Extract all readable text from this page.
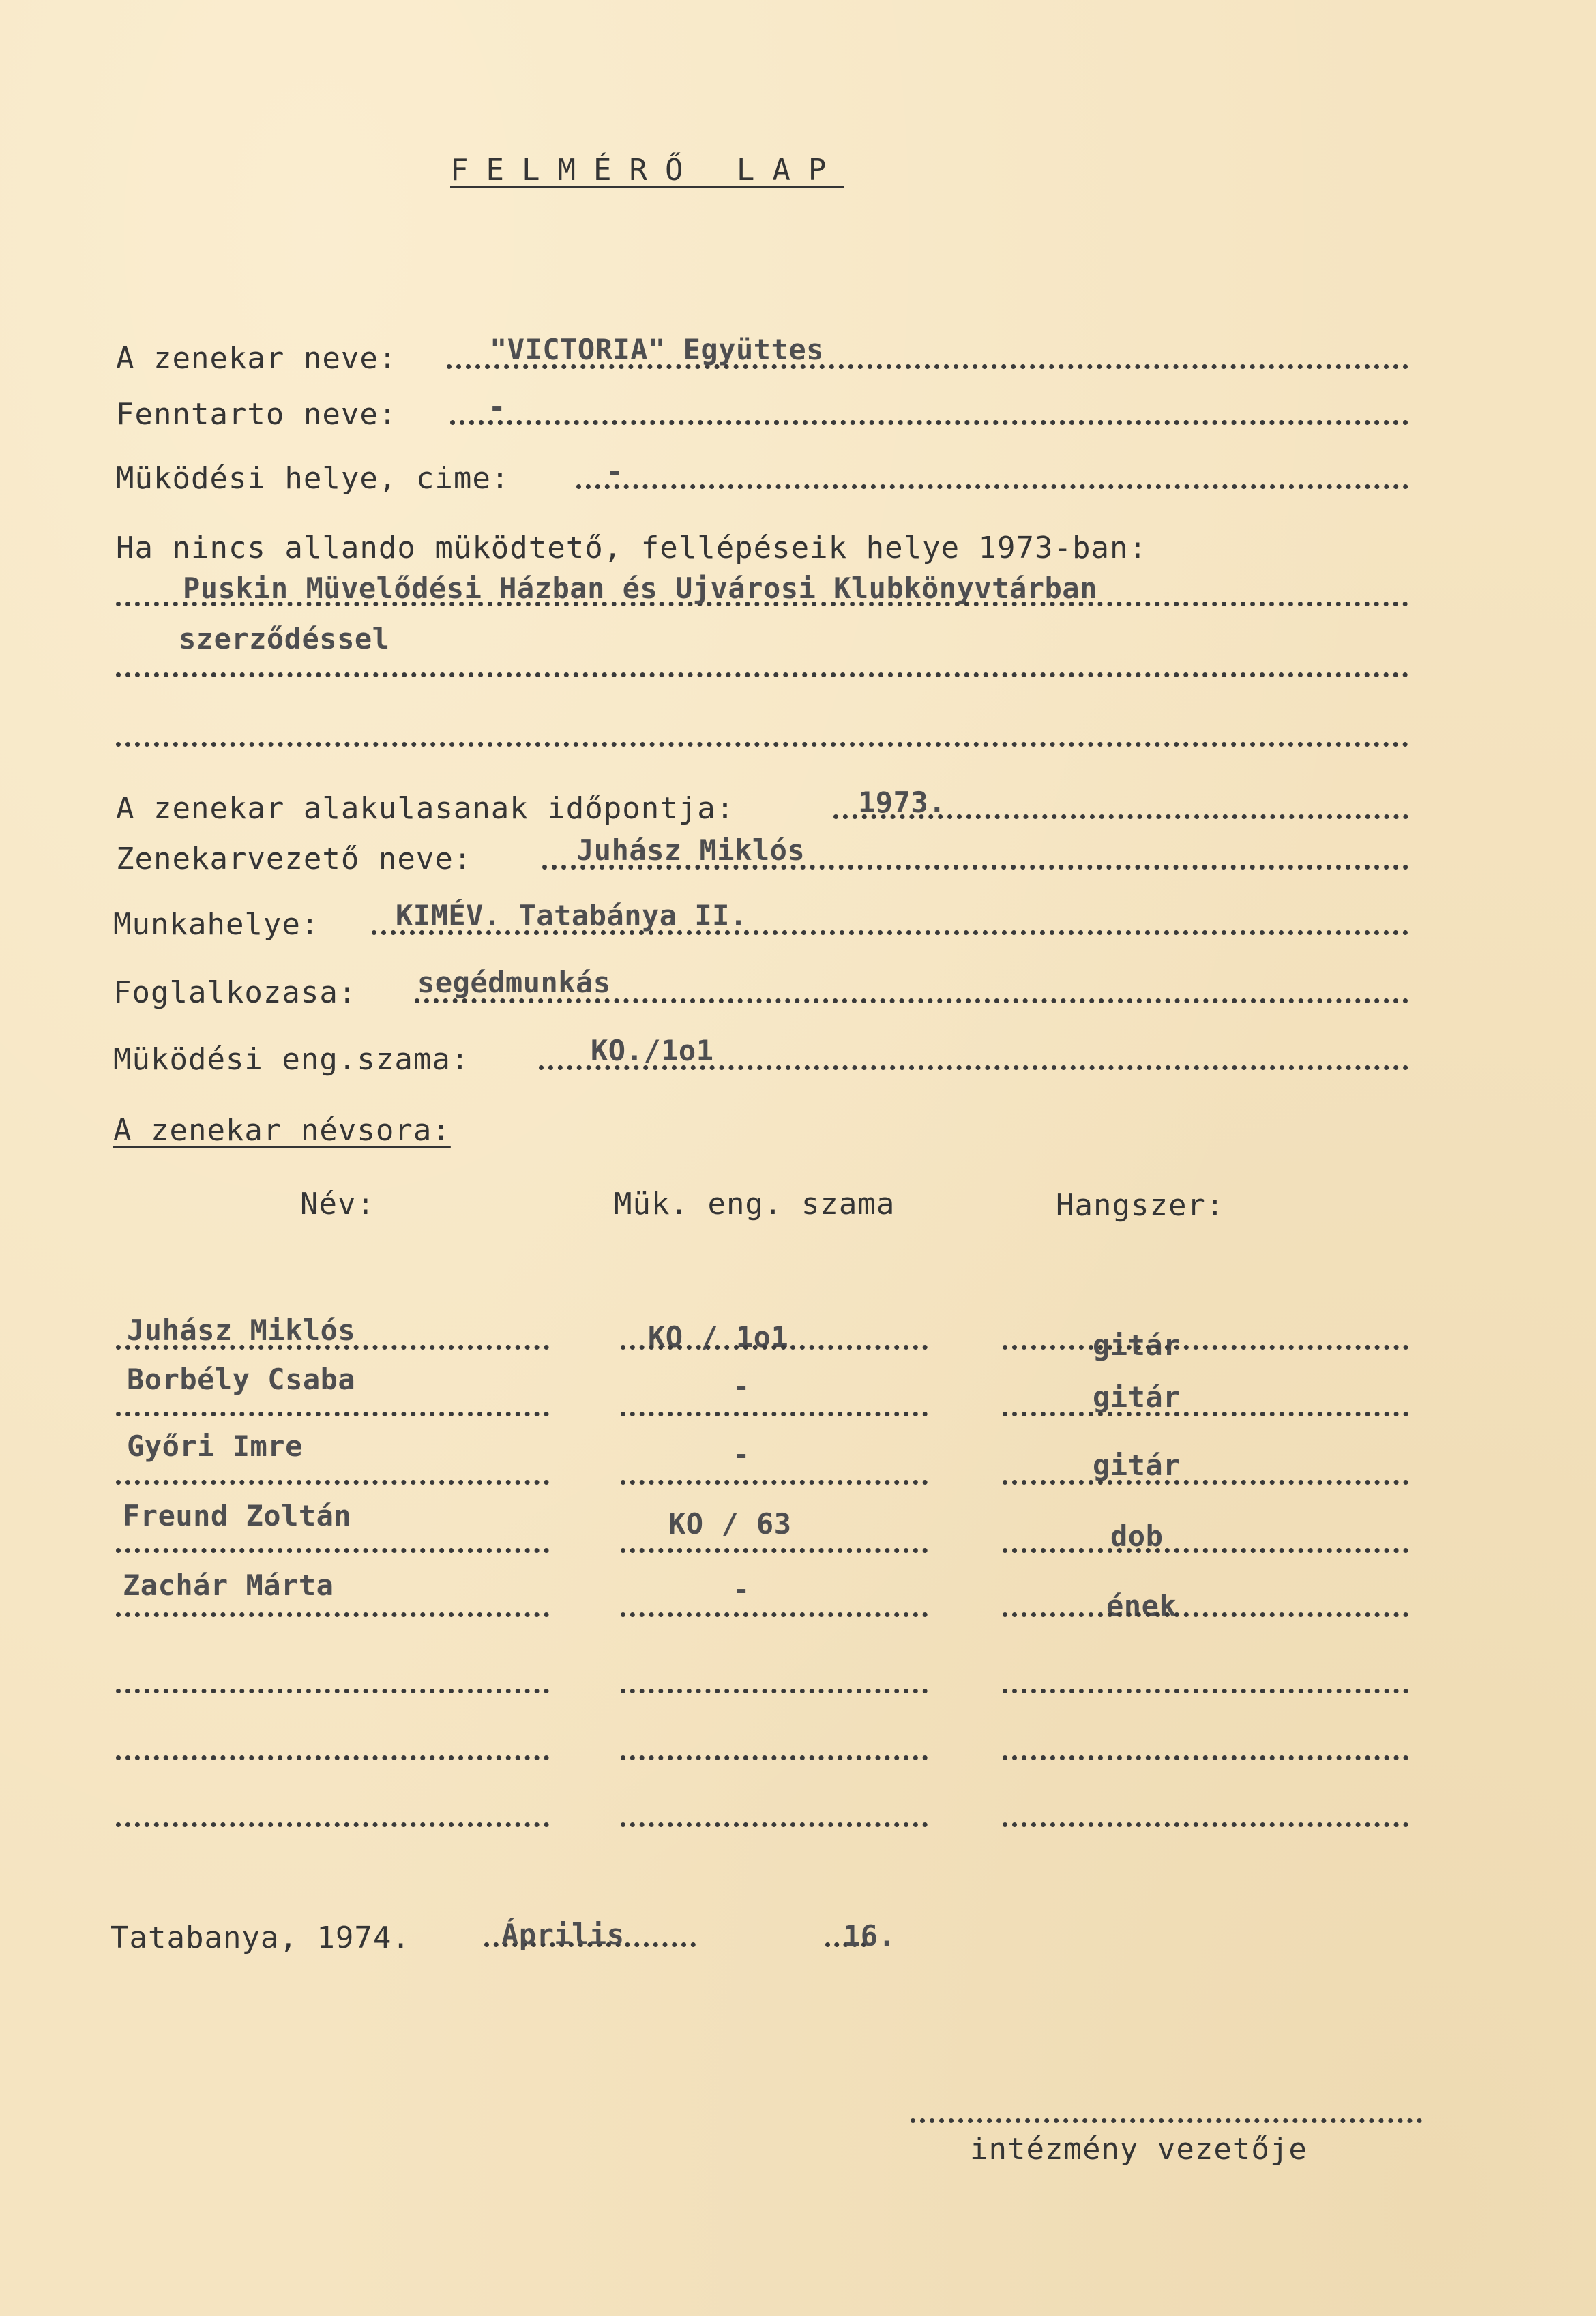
FELMÉRŐ LAP
A zenekar neve:	"VICTORIA" Együttes
Fenntarto neve:	-
Müködési helye, cime:	-
Ha nincs allando müködtető, fellépéseik helye 1973-ban:
Puskin Müvelődési Házban és Ujvárosi Klubkönyvtárban
szerződéssel
A zenekar alakulasanak időpontja:	1973.
Zenekarvezető neve:	Juhász Miklós
Munkahelye:	KIMÉV. Tatabánya II.
Foglalkozasa: segédmunkás
Müködési eng.szama:	KO./1o1
A zenekar névsora:
Név:	Mük. eng. szama	Hangszer:
Juhász Miklós	KO / 1o1	gitár
Borbély Csaba	-	gitár
Győri Imre	-	gitár
Freund Zoltán	KO / 63	dob
Zachár Márta	-	ének
Tatabanya, 1974.	Április	16.
intézmény vezetője
